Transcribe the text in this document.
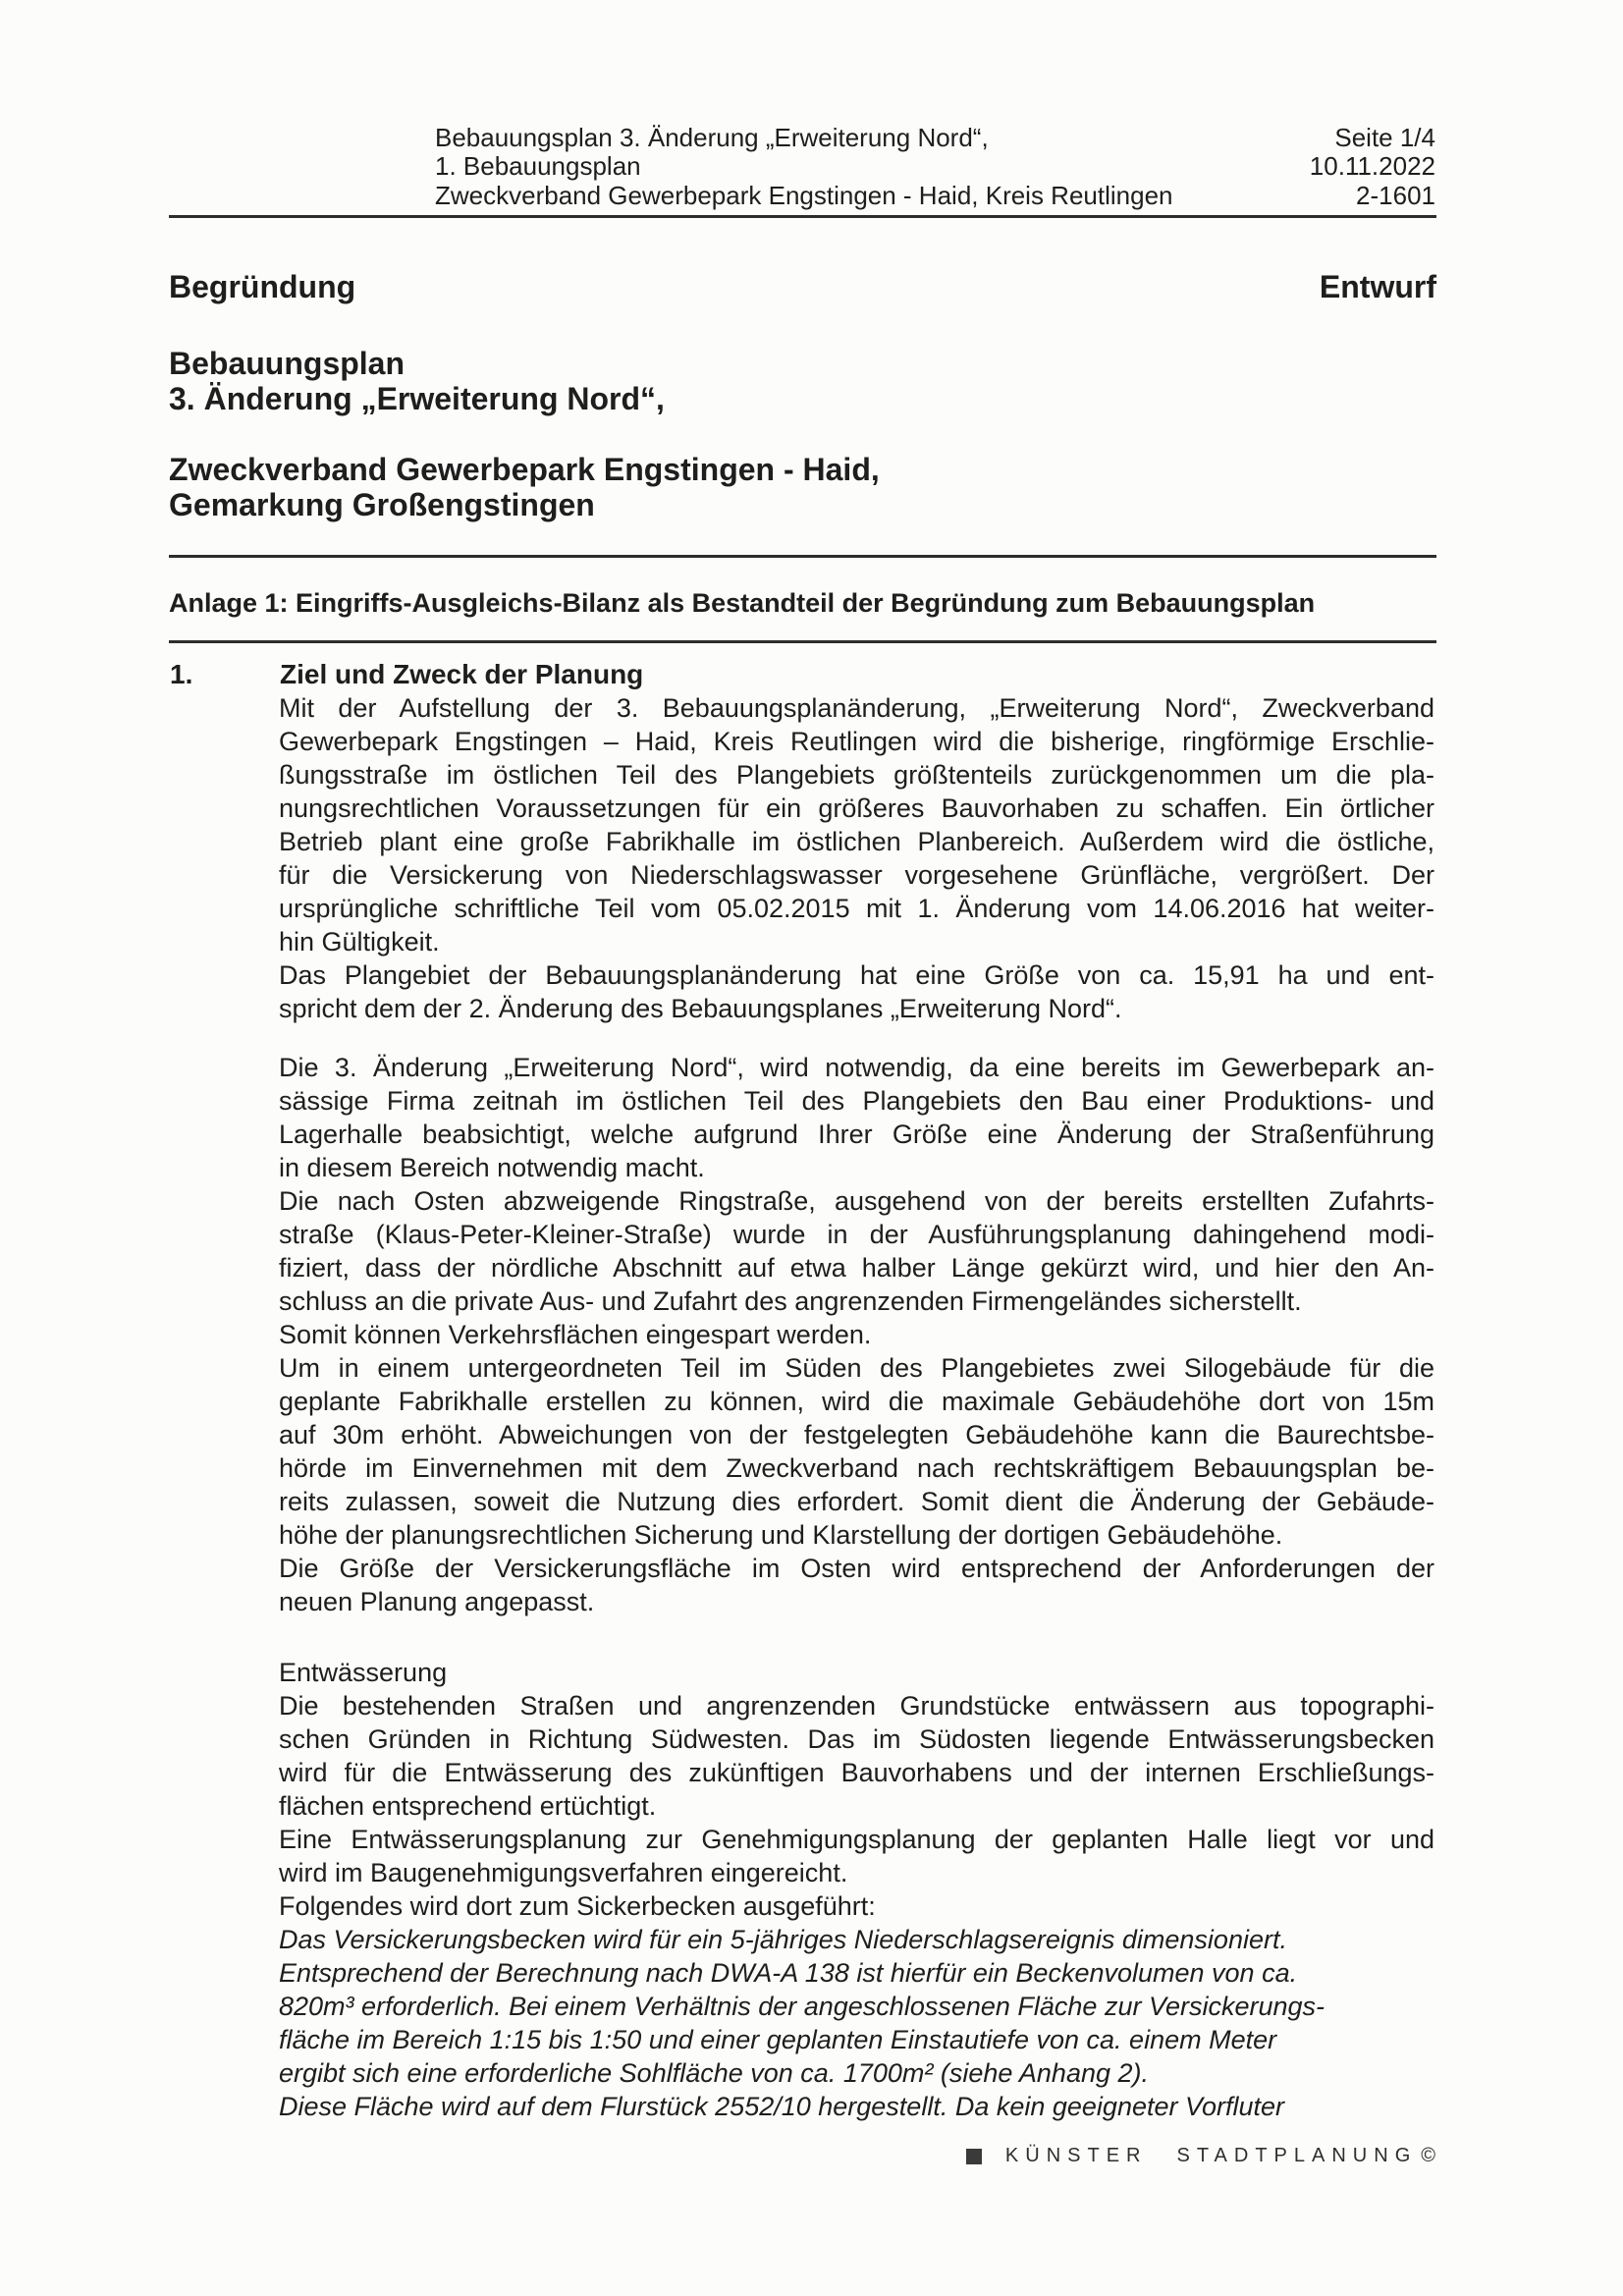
Bebauungsplan 3. Änderung „Erweiterung Nord“,
1. Bebauungsplan
Zweckverband Gewerbepark Engstingen - Haid, Kreis Reutlingen
Seite 1/4
10.11.2022
2-1601
Entwurf
Begründung
Bebauungsplan
3. Änderung „Erweiterung Nord“,
Zweckverband Gewerbepark Engstingen - Haid,
Gemarkung Großengstingen
Anlage 1: Eingriffs-Ausgleichs-Bilanz als Bestandteil der Begründung zum Bebauungsplan
1.	Ziel und Zweck der Planung
Mit der Aufstellung der 3. Bebauungsplanänderung, „Erweiterung Nord“, Zweckverband
Gewerbepark Engstingen – Haid, Kreis Reutlingen wird die bisherige, ringförmige Erschlie-
ßungsstraße im östlichen Teil des Plangebiets größtenteils zurückgenommen um die pla-
nungsrechtlichen Voraussetzungen für ein größeres Bauvorhaben zu schaffen. Ein örtlicher
Betrieb plant eine große Fabrikhalle im östlichen Planbereich. Außerdem wird die östliche,
für die Versickerung von Niederschlagswasser vorgesehene Grünfläche, vergrößert. Der
ursprüngliche schriftliche Teil vom 05.02.2015 mit 1. Änderung vom 14.06.2016 hat weiter-
hin Gültigkeit.
Das Plangebiet der Bebauungsplanänderung hat eine Größe von ca. 15,91 ha und ent-
spricht dem der 2. Änderung des Bebauungsplanes „Erweiterung Nord“.
Die 3. Änderung „Erweiterung Nord“, wird notwendig, da eine bereits im Gewerbepark an-
sässige Firma zeitnah im östlichen Teil des Plangebiets den Bau einer Produktions- und
Lagerhalle beabsichtigt, welche aufgrund Ihrer Größe eine Änderung der Straßenführung
in diesem Bereich notwendig macht.
Die nach Osten abzweigende Ringstraße, ausgehend von der bereits erstellten Zufahrts-
straße (Klaus-Peter-Kleiner-Straße) wurde in der Ausführungsplanung dahingehend modi-
fiziert, dass der nördliche Abschnitt auf etwa halber Länge gekürzt wird, und hier den An-
schluss an die private Aus- und Zufahrt des angrenzenden Firmengeländes sicherstellt.
Somit können Verkehrsflächen eingespart werden.
Um in einem untergeordneten Teil im Süden des Plangebietes zwei Silogebäude für die
geplante Fabrikhalle erstellen zu können, wird die maximale Gebäudehöhe dort von 15m
auf 30m erhöht. Abweichungen von der festgelegten Gebäudehöhe kann die Baurechtsbe-
hörde im Einvernehmen mit dem Zweckverband nach rechtskräftigem Bebauungsplan be-
reits zulassen, soweit die Nutzung dies erfordert. Somit dient die Änderung der Gebäude-
höhe der planungsrechtlichen Sicherung und Klarstellung der dortigen Gebäudehöhe.
Die Größe der Versickerungsfläche im Osten wird entsprechend der Anforderungen der
neuen Planung angepasst.
Entwässerung
Die bestehenden Straßen und angrenzenden Grundstücke entwässern aus topographi-
schen Gründen in Richtung Südwesten. Das im Südosten liegende Entwässerungsbecken
wird für die Entwässerung des zukünftigen Bauvorhabens und der internen Erschließungs-
flächen entsprechend ertüchtigt.
Eine Entwässerungsplanung zur Genehmigungsplanung der geplanten Halle liegt vor und
wird im Baugenehmigungsverfahren eingereicht.
Folgendes wird dort zum Sickerbecken ausgeführt:
Das Versickerungsbecken wird für ein 5-jähriges Niederschlagsereignis dimensioniert.
Entsprechend der Berechnung nach DWA-A 138 ist hierfür ein Beckenvolumen von ca.
820m³ erforderlich. Bei einem Verhältnis der angeschlossenen Fläche zur Versickerungs-
fläche im Bereich 1:15 bis 1:50 und einer geplanten Einstautiefe von ca. einem Meter
ergibt sich eine erforderliche Sohlfläche von ca. 1700m² (siehe Anhang 2).
Diese Fläche wird auf dem Flurstück 2552/10 hergestellt. Da kein geeigneter Vorfluter
KÜNSTER STADTPLANUNG ©
